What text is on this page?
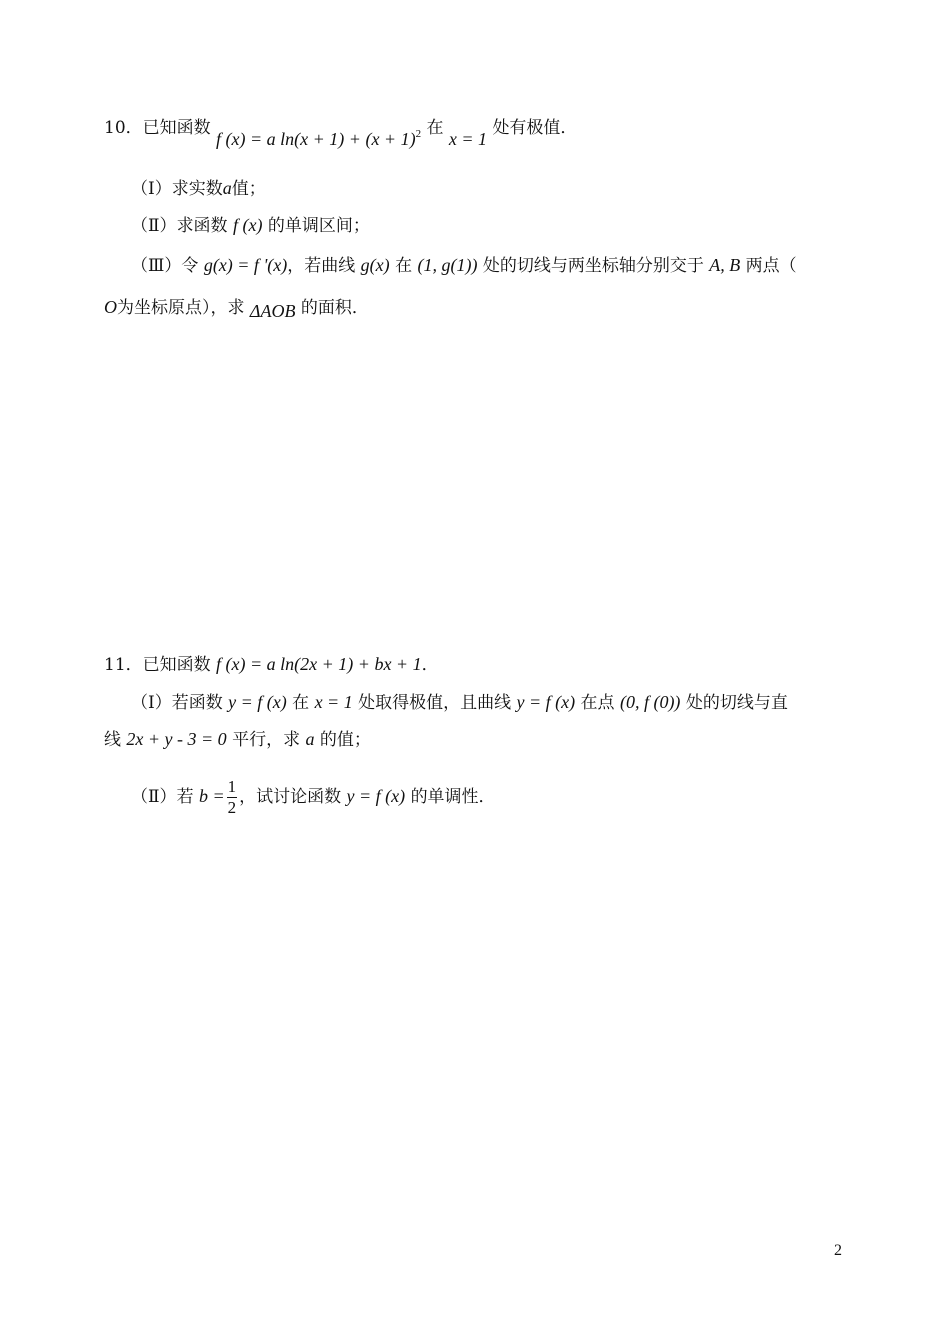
10．已知函数 f (x) = a $\ln(x + 1) + (x + 1)^2$ 在 x = 1 处有极值．
（Ⅰ）求实数a值；
（Ⅱ）求函数 f (x) 的单调区间；
（Ⅲ）令 g(x) = f '(x)，若曲线 g(x) 在 (1, g(1)) 处的切线与两坐标轴分别交于 A, B 两点（
O为坐标原点），求 ΔAOB 的面积．
11．已知函数 f (x) = a ln(2x + 1) + bx + 1．
（Ⅰ）若函数 y = f (x) 在 x = 1 处取得极值，且曲线 y = f (x) 在点 (0, f (0)) 处的切线与直
线 2x + y - 3 = 0 平行，求 a 的值；
（Ⅱ）若 $b = \frac{1}{2}$ ，试讨论函数 y = f (x) 的单调性．
2
